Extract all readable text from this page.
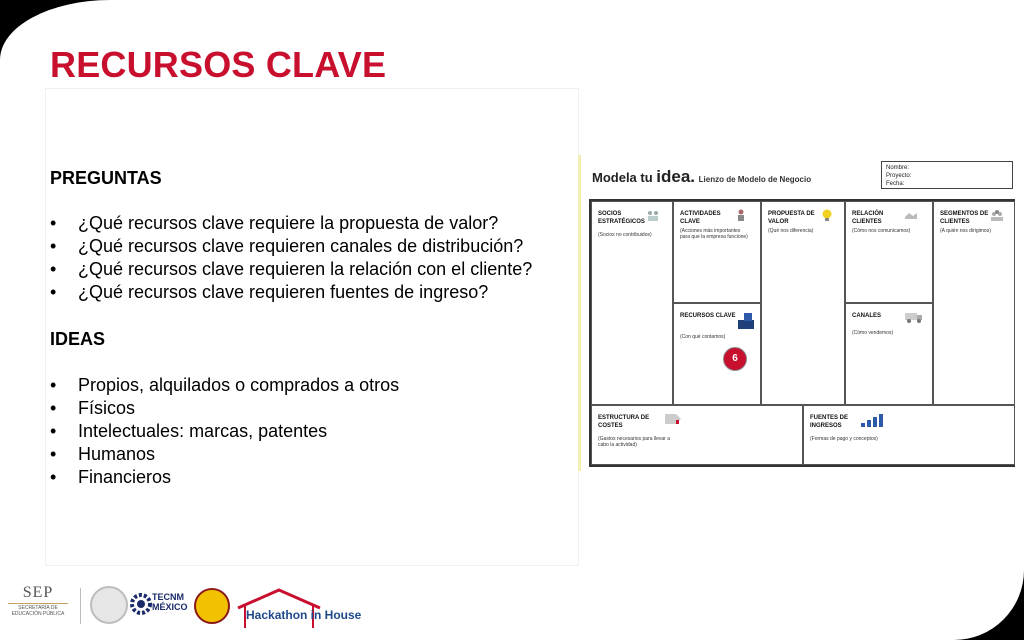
RECURSOS CLAVE
PREGUNTAS
• ¿Qué recursos clave requiere la propuesta de valor?
• ¿Qué recursos clave requieren canales de distribución?
• ¿Qué recursos clave requieren la relación con el cliente?
• ¿Qué recursos clave requieren fuentes de ingreso?
IDEAS
• Propios, alquilados o comprados a otros
• Físicos
• Intelectuales: marcas, patentes
• Humanos
• Financieros
Modela tu idea. Lienzo de Modelo de Negocio
Nombre:
Proyecto:
Fecha:
SOCIOS ESTRATÉGICOS
(Socios no contribuidos)
ACTIVIDADES CLAVE
(Acciones más importantes para que la empresa funcione)
RECURSOS CLAVE
(Con qué contamos)
PROPUESTA DE VALOR
(Qué nos diferencia)
RELACIÓN CLIENTES
(Cómo nos comunicamos)
CANALES
(Cómo vendemos)
SEGMENTOS DE CLIENTES
(A quién nos dirigimos)
ESTRUCTURA DE COSTES
(Gastos necesarios para llevar a cabo la actividad)
FUENTES DE INGRESOS
(Formas de pago y conceptos)
6
SEP
SECRETARÍA DE EDUCACIÓN PÚBLICA
TECNM
MÉXICO
Hackathon in House
